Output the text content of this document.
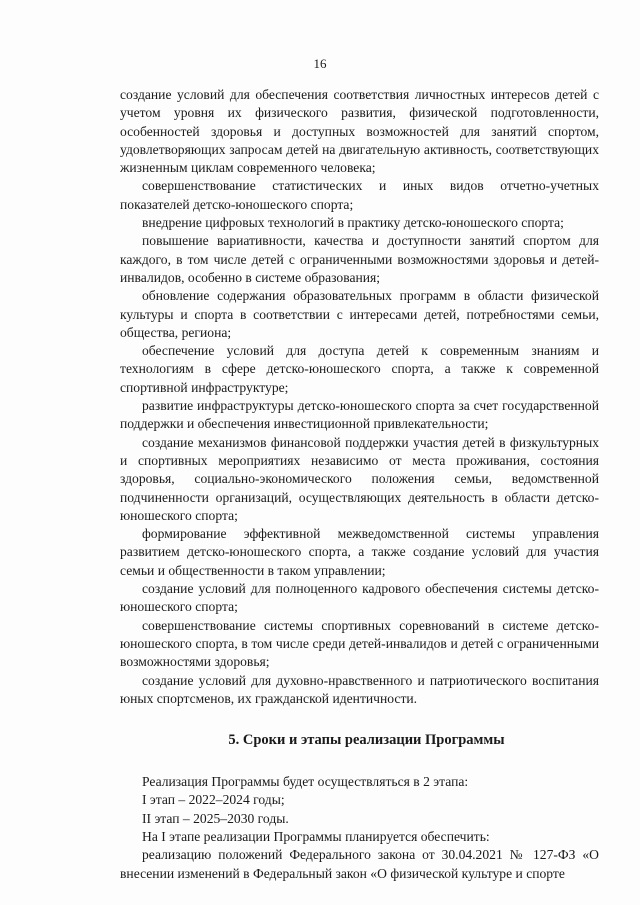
16

создание условий для обеспечения соответствия личностных интересов детей с учетом уровня их физического развития, физической подготовленности, особенностей здоровья и доступных возможностей для занятий спортом, удовлетворяющих запросам детей на двигательную активность, соответствующих жизненным циклам современного человека;

совершенствование статистических и иных видов отчетно-учетных показателей детско-юношеского спорта;

внедрение цифровых технологий в практику детско-юношеского спорта;

повышение вариативности, качества и доступности занятий спортом для каждого, в том числе детей с ограниченными возможностями здоровья и детей-инвалидов, особенно в системе образования;

обновление содержания образовательных программ в области физической культуры и спорта в соответствии с интересами детей, потребностями семьи, общества, региона;

обеспечение условий для доступа детей к современным знаниям и технологиям в сфере детско-юношеского спорта, а также к современной спортивной инфраструктуре;

развитие инфраструктуры детско-юношеского спорта за счет государственной поддержки и обеспечения инвестиционной привлекательности;

создание механизмов финансовой поддержки участия детей в физкультурных и спортивных мероприятиях независимо от места проживания, состояния здоровья, социально-экономического положения семьи, ведомственной подчиненности организаций, осуществляющих деятельность в области детско-юношеского спорта;

формирование эффективной межведомственной системы управления развитием детско-юношеского спорта, а также создание условий для участия семьи и общественности в таком управлении;

создание условий для полноценного кадрового обеспечения системы детско-юношеского спорта;

совершенствование системы спортивных соревнований в системе детско-юношеского спорта, в том числе среди детей-инвалидов и детей с ограниченными возможностями здоровья;

создание условий для духовно-нравственного и патриотического воспитания юных спортсменов, их гражданской идентичности.

5. Сроки и этапы реализации Программы

Реализация Программы будет осуществляться в 2 этапа:

I этап – 2022–2024 годы;

II этап – 2025–2030 годы.

На I этапе реализации Программы планируется обеспечить:

реализацию положений Федерального закона от 30.04.2021 № 127-ФЗ «О внесении изменений в Федеральный закон «О физической культуре и спорте
